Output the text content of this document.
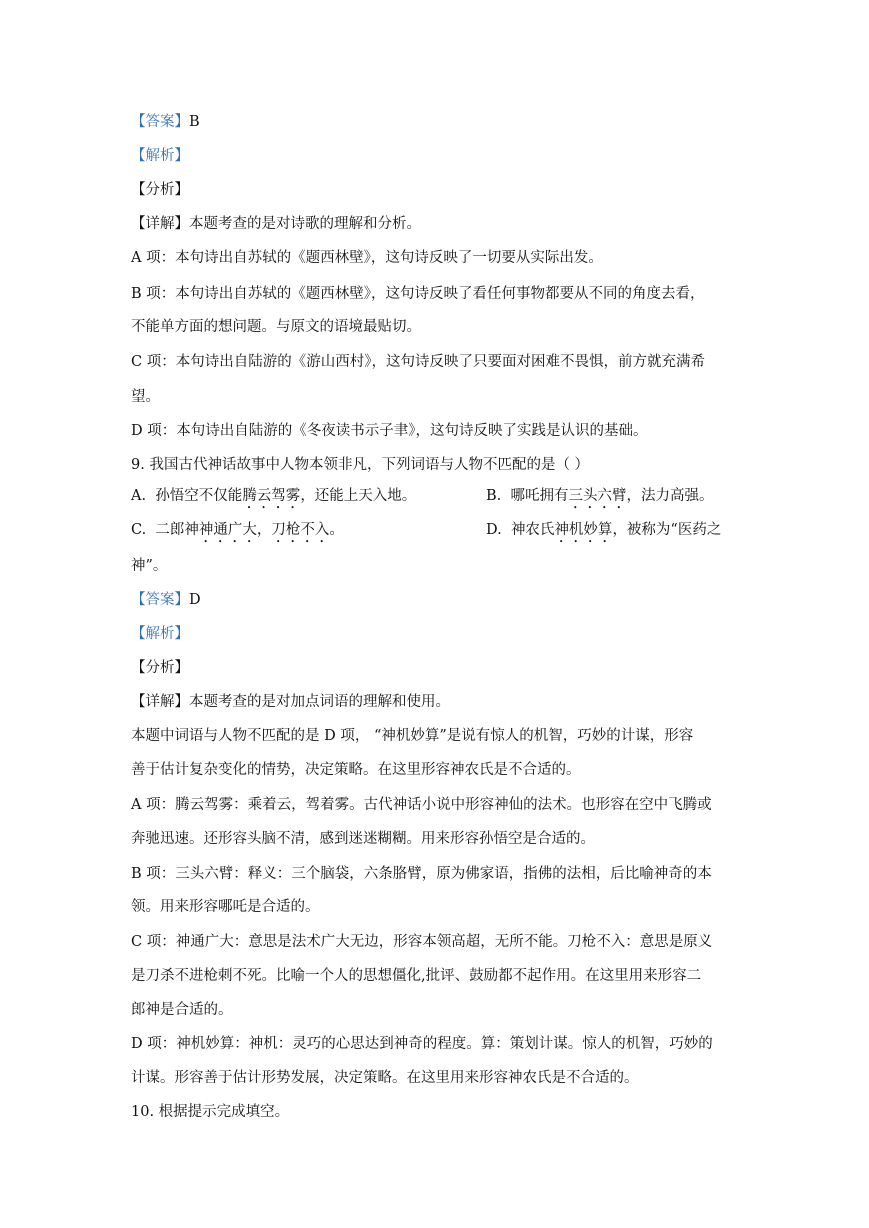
【答案】B
【解析】
【分析】
【详解】本题考查的是对诗歌的理解和分析。
A 项：本句诗出自苏轼的《题西林壁》，这句诗反映了一切要从实际出发。
B 项：本句诗出自苏轼的《题西林壁》，这句诗反映了看任何事物都要从不同的角度去看，
不能单方面的想问题。与原文的语境最贴切。
C 项：本句诗出自陆游的《游山西村》，这句诗反映了只要面对困难不畏惧，前方就充满希
望。
D 项：本句诗出自陆游的《冬夜读书示子聿》，这句诗反映了实践是认识的基础。
9. 我国古代神话故事中人物本领非凡，下列词语与人物不匹配的是（ ）
A. 孙悟空不仅能腾云驾雾，还能上天入地。	B. 哪吒拥有三头六臂，法力高强。
C. 二郎神神通广大，刀枪不入。	D. 神农氏神机妙算，被称为“医药之
神”。
【答案】D
【解析】
【分析】
【详解】本题考查的是对加点词语的理解和使用。
本题中词语与人物不匹配的是 D 项， “神机妙算”是说有惊人的机智，巧妙的计谋，形容
善于估计复杂变化的情势，决定策略。在这里形容神农氏是不合适的。
A 项：腾云驾雾：乘着云，驾着雾。古代神话小说中形容神仙的法术。也形容在空中飞腾或
奔驰迅速。还形容头脑不清，感到迷迷糊糊。用来形容孙悟空是合适的。
B 项：三头六臂：释义：三个脑袋，六条胳臂，原为佛家语，指佛的法相，后比喻神奇的本
领。用来形容哪吒是合适的。
C 项：神通广大：意思是法术广大无边，形容本领高超，无所不能。刀枪不入：意思是原义
是刀杀不进枪刺不死。比喻一个人的思想僵化,批评、鼓励都不起作用。在这里用来形容二
郎神是合适的。
D 项：神机妙算：神机：灵巧的心思达到神奇的程度。算：策划计谋。惊人的机智，巧妙的
计谋。形容善于估计形势发展，决定策略。在这里用来形容神农氏是不合适的。
10. 根据提示完成填空。
